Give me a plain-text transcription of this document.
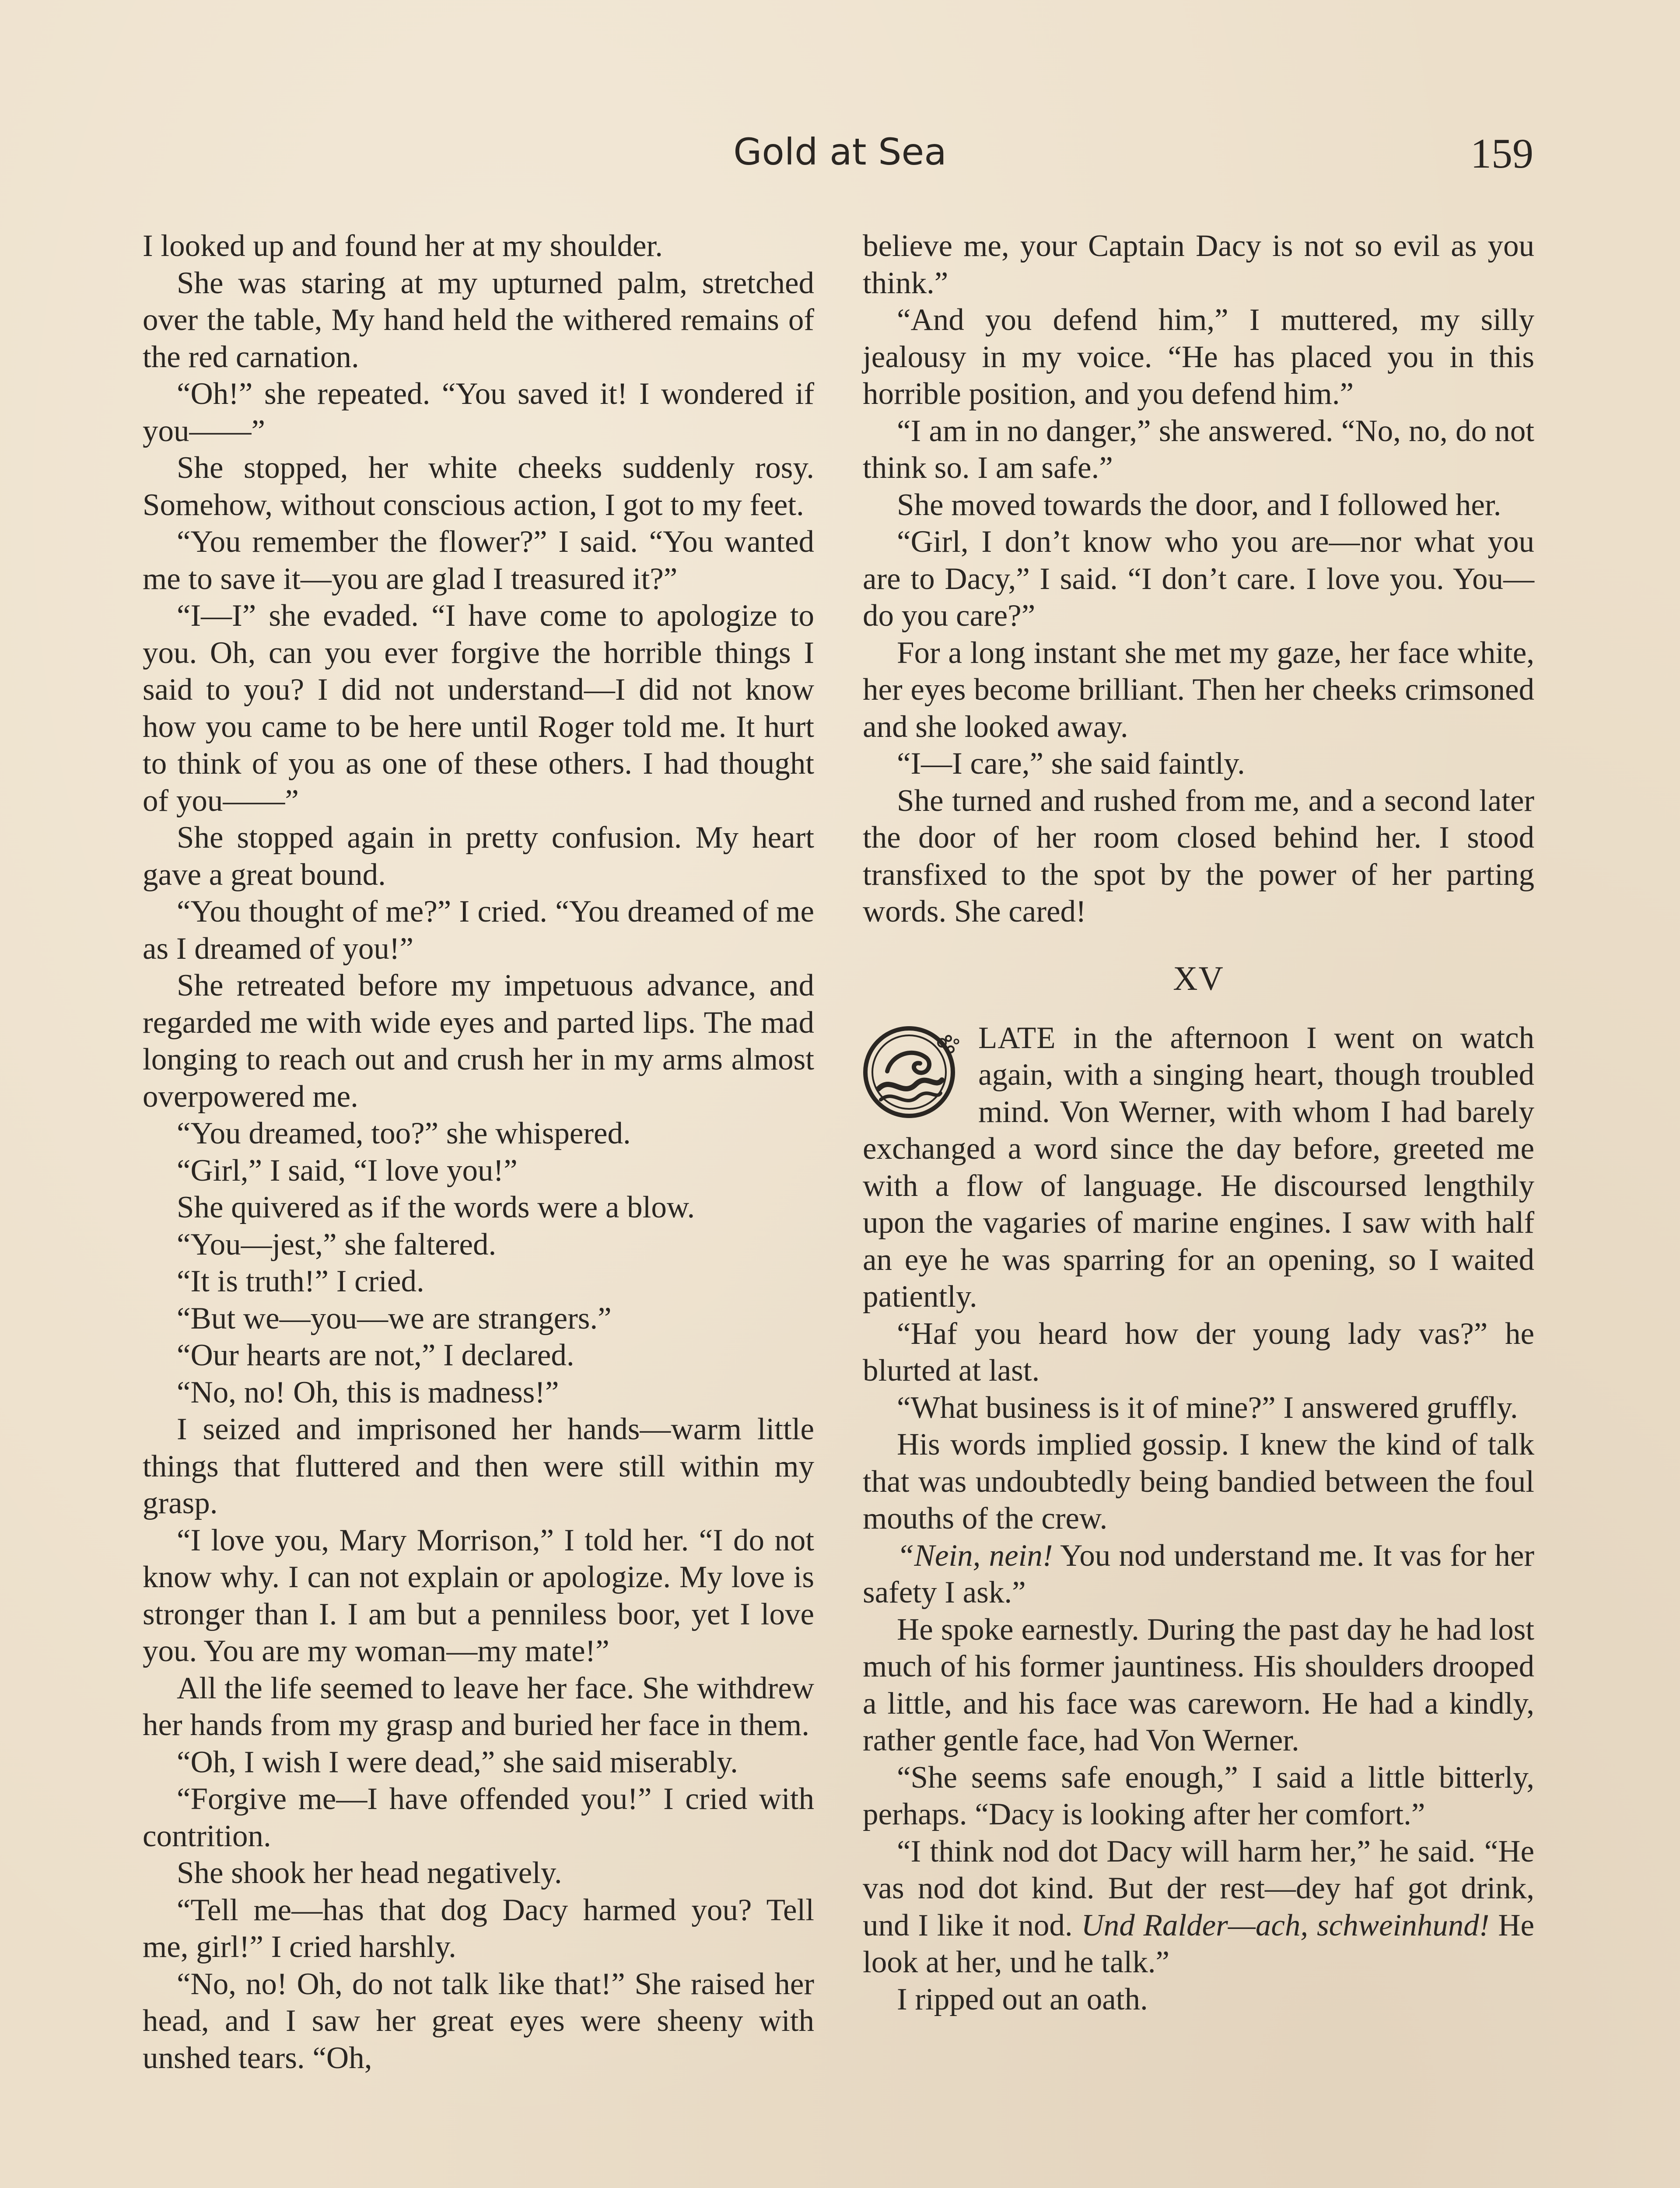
Gold at Sea	159

I looked up and found her at my shoulder.

She was staring at my upturned palm, stretched over the table, My hand held the withered remains of the red carnation.

“Oh!” she repeated. “You saved it! I wondered if you——”

She stopped, her white cheeks suddenly rosy. Somehow, without conscious action, I got to my feet.

“You remember the flower?” I said. “You wanted me to save it—you are glad I treasured it?”

“I—I” she evaded. “I have come to apologize to you. Oh, can you ever forgive the horrible things I said to you? I did not understand—I did not know how you came to be here until Roger told me. It hurt to think of you as one of these others. I had thought of you——”

She stopped again in pretty confusion. My heart gave a great bound.

“You thought of me?” I cried. “You dreamed of me as I dreamed of you!”

She retreated before my impetuous advance, and regarded me with wide eyes and parted lips. The mad longing to reach out and crush her in my arms almost overpowered me.

“You dreamed, too?” she whispered.

“Girl,” I said, “I love you!”

She quivered as if the words were a blow.

“You—jest,” she faltered.

“It is truth!” I cried.

“But we—you—we are strangers.”

“Our hearts are not,” I declared.

“No, no! Oh, this is madness!”

I seized and imprisoned her hands—warm little things that fluttered and then were still within my grasp.

“I love you, Mary Morrison,” I told her. “I do not know why. I can not explain or apologize. My love is stronger than I. I am but a penniless boor, yet I love you. You are my woman—my mate!”

All the life seemed to leave her face. She withdrew her hands from my grasp and buried her face in them.

“Oh, I wish I were dead,” she said miserably.

“Forgive me—I have offended you!” I cried with contrition.

She shook her head negatively.

“Tell me—has that dog Dacy harmed you? Tell me, girl!” I cried harshly.

“No, no! Oh, do not talk like that!” She raised her head, and I saw her great eyes were sheeny with unshed tears. “Oh,

believe me, your Captain Dacy is not so evil as you think.”

“And you defend him,” I muttered, my silly jealousy in my voice. “He has placed you in this horrible position, and you defend him.”

“I am in no danger,” she answered. “No, no, do not think so. I am safe.”

She moved towards the door, and I followed her.

“Girl, I don’t know who you are—nor what you are to Dacy,” I said. “I don’t care. I love you. You—do you care?”

For a long instant she met my gaze, her face white, her eyes become brilliant. Then her cheeks crimsoned and she looked away.

“I—I care,” she said faintly.

She turned and rushed from me, and a second later the door of her room closed behind her. I stood transfixed to the spot by the power of her parting words. She cared!

XV

LATE in the afternoon I went on watch again, with a singing heart, though troubled mind. Von Werner, with whom I had barely exchanged a word since the day before, greeted me with a flow of language. He discoursed lengthily upon the vagaries of marine engines. I saw with half an eye he was sparring for an opening, so I waited patiently.

“Haf you heard how der young lady vas?” he blurted at last.

“What business is it of mine?” I answered gruffly.

His words implied gossip. I knew the kind of talk that was undoubtedly being bandied between the foul mouths of the crew.

“Nein, nein! You nod understand me. It vas for her safety I ask.”

He spoke earnestly. During the past day he had lost much of his former jauntiness. His shoulders drooped a little, and his face was careworn. He had a kindly, rather gentle face, had Von Werner.

“She seems safe enough,” I said a little bitterly, perhaps. “Dacy is looking after her comfort.”

“I think nod dot Dacy will harm her,” he said. “He vas nod dot kind. But der rest—dey haf got drink, und I like it nod. Und Ralder—ach, schweinhund! He look at her, und he talk.”

I ripped out an oath.
